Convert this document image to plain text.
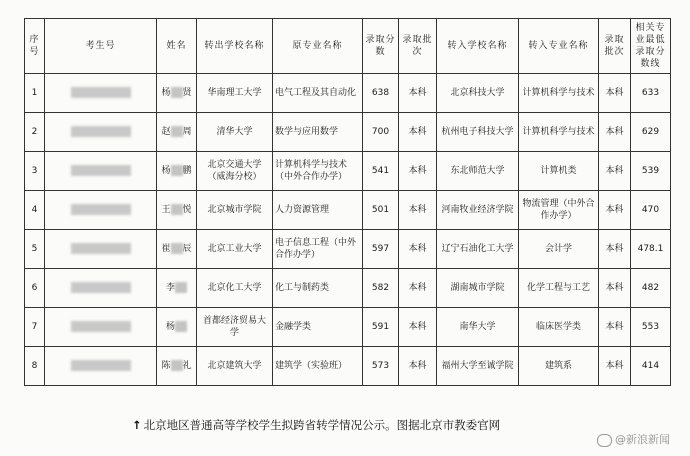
序号	考生号	姓名	转出学校名称	原专业名称	录取分数	录取批次	转入学校名称	转入专业名称	录取批次	相关专业最低录取分数线
1		杨 贤	华南理工大学	电气工程及其自动化	638	本科	北京科技大学	计算机科学与技术	本科	633
2		赵 周	清华大学	数学与应用数学	700	本科	杭州电子科技大学	计算机科学与技术	本科	629
3		杨 鹏	北京交通大学（威海分校）	计算机科学与技术（中外合作办学）	541	本科	东北师范大学	计算机类	本科	539
4		王 悦	北京城市学院	人力资源管理	501	本科	河南牧业经济学院	物流管理（中外合作办学）	本科	470
5		崔 辰	北京工业大学	电子信息工程（中外合作办学）	597	本科	辽宁石油化工大学	会计学	本科	478.1
6		李	北京化工大学	化工与制药类	582	本科	湖南城市学院	化学工程与工艺	本科	482
7		杨	首都经济贸易大学	金融学类	591	本科	南华大学	临床医学类	本科	553
8		陈 礼	北京建筑大学	建筑学（实验班）	573	本科	福州大学至诚学院	建筑系	本科	414
↑ 北京地区普通高等学校学生拟跨省转学情况公示。图据北京市教委官网
@新浪新闻
